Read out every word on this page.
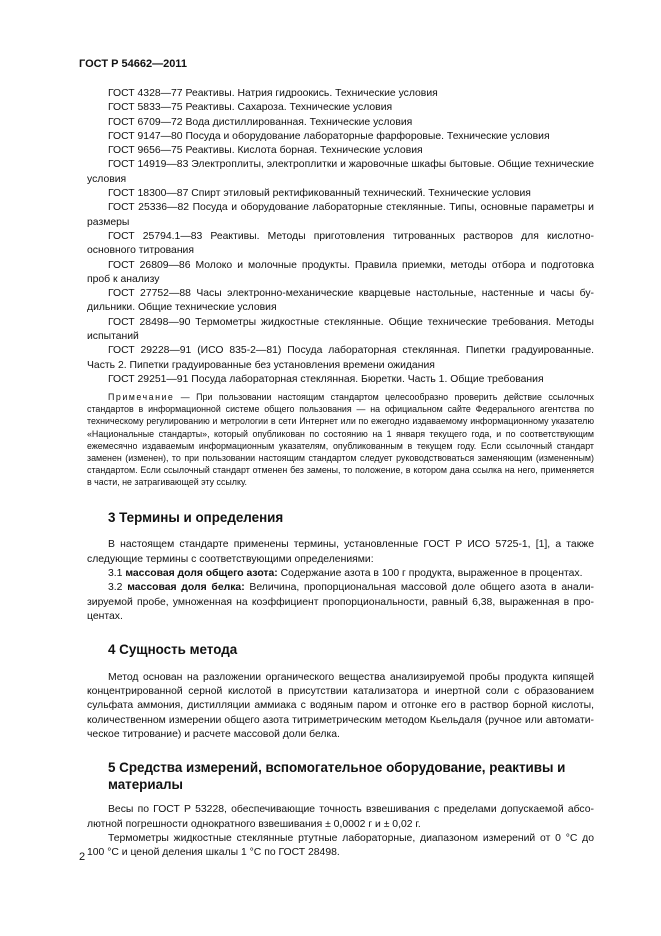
ГОСТ Р 54662—2011

ГОСТ 4328—77 Реактивы. Натрия гидроокись. Технические условия

ГОСТ 5833—75 Реактивы. Сахароза. Технические условия

ГОСТ 6709—72 Вода дистиллированная. Технические условия

ГОСТ 9147—80 Посуда и оборудование лабораторные фарфоровые. Технические условия

ГОСТ 9656—75 Реактивы. Кислота борная. Технические условия

ГОСТ 14919—83 Электроплиты, электроплитки и жаровочные шкафы бытовые. Общие технические условия

ГОСТ 18300—87 Спирт этиловый ректификованный технический. Технические условия

ГОСТ 25336—82 Посуда и оборудование лабораторные стеклянные. Типы, основные параметры и размеры

ГОСТ 25794.1—83 Реактивы. Методы приготовления титрованных растворов для кислотно-основного титрования

ГОСТ 26809—86 Молоко и молочные продукты. Правила приемки, методы отбора и подготовка проб к анализу

ГОСТ 27752—88 Часы электронно-механические кварцевые настольные, настенные и часы будильники. Общие технические условия

ГОСТ 28498—90 Термометры жидкостные стеклянные. Общие технические требования. Методы испытаний

ГОСТ 29228—91 (ИСО 835-2—81) Посуда лабораторная стеклянная. Пипетки градуированные. Часть 2. Пипетки градуированные без установления времени ожидания

ГОСТ 29251—91 Посуда лабораторная стеклянная. Бюретки. Часть 1. Общие требования

Примечание — При пользовании настоящим стандартом целесообразно проверить действие ссылочных стандартов в информационной системе общего пользования — на официальном сайте Федерального агентства по техническому регулированию и метрологии в сети Интернет или по ежегодно издаваемому информационному указателю «Национальные стандарты», который опубликован по состоянию на 1 января текущего года, и по соответствующим ежемесячно издаваемым информационным указателям, опубликованным в текущем году. Если ссылочный стандарт заменен (изменен), то при пользовании настоящим стандартом следует руководствоваться заменяющим (измененным) стандартом. Если ссылочный стандарт отменен без замены, то положение, в котором дана ссылка на него, применяется в части, не затрагивающей эту ссылку.

3 Термины и определения

В настоящем стандарте применены термины, установленные ГОСТ Р ИСО 5725-1, [1], а также следующие термины с соответствующими определениями:

3.1 массовая доля общего азота: Содержание азота в 100 г продукта, выраженное в процентах.

3.2 массовая доля белка: Величина, пропорциональная массовой доле общего азота в анализируемой пробе, умноженная на коэффициент пропорциональности, равный 6,38, выраженная в процентах.

4 Сущность метода

Метод основан на разложении органического вещества анализируемой пробы продукта кипящей концентрированной серной кислотой в присутствии катализатора и инертной соли с образованием сульфата аммония, дистилляции аммиака с водяным паром и отгонке его в раствор борной кислоты, количественном измерении общего азота титриметрическим методом Кьельдаля (ручное или автоматическое титрование) и расчете массовой доли белка.

5 Средства измерений, вспомогательное оборудование, реактивы и материалы

Весы по ГОСТ Р 53228, обеспечивающие точность взвешивания с пределами допускаемой абсолютной погрешности однократного взвешивания ± 0,0002 г и ± 0,02 г.

Термометры жидкостные стеклянные ртутные лабораторные, диапазоном измерений от 0 °С до 100 °С и ценой деления шкалы 1 °С по ГОСТ 28498.

2
